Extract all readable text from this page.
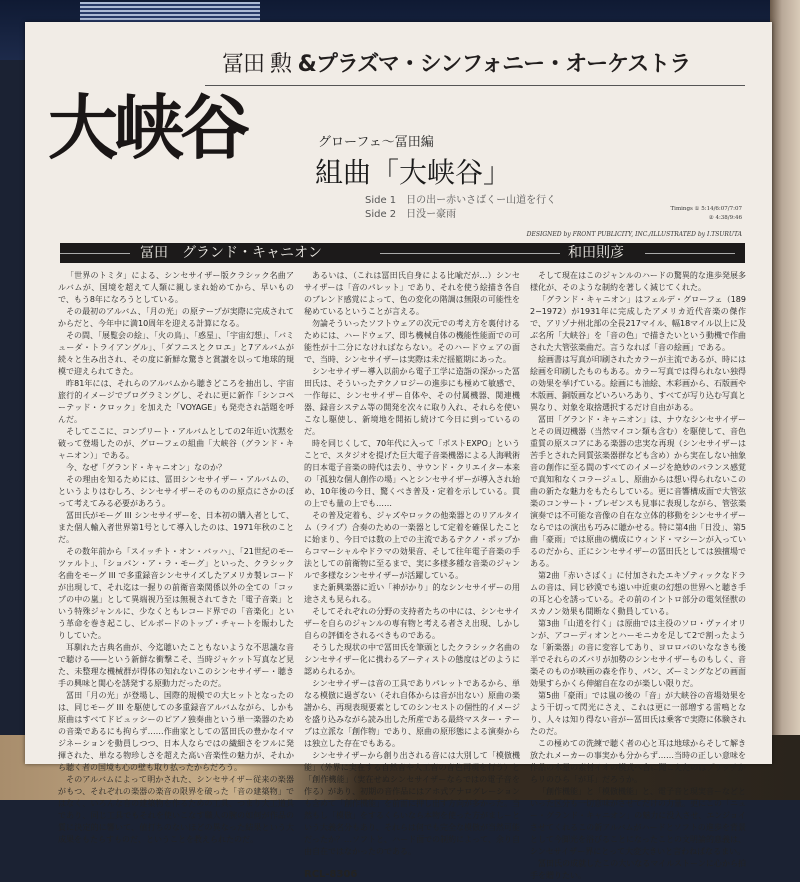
大峡谷
冨田 勲 &プラズマ・シンフォニー・オーケストラ
グローフェ〜冨田編
組曲「大峡谷」
Side 1　日の出ー赤いさばくー山道を行く
Side 2　日没ー豪雨	Timings ① 5:14/6:07/7:07
② 4:38/9:46
DESIGNED by FRONT PUBLICITY, INC./ILLUSTRATED by I.TSURUTA
冨田　グランド・キャニオン	和田則彦

「世界のトミタ」による、シンセサイザー版クラシック名曲アルバムが、国境を超えて人類に親しまれ始めてから、早いもので、もう8年になろうとしている。

その最初のアルバム、「月の光」の原テープが実際に完成されてからだと、今年中に満10周年を迎える計算になる。

その間、「展覧会の絵」、「火の鳥」、「惑星」、「宇宙幻想」、「バミューダ・トライアングル」、「ダフニスとクロエ」と7アルバムが続々と生み出され、その度に新鮮な驚きと賞讃を以って地球的規模で迎えられてきた。

昨81年には、それらのアルバムから聴きどころを抽出し、宇宙旅行的イメージでプログラミングし、それに更に新作「シンコペーテッド・クロック」を加えた「VOYAGE」も発売され話題を呼んだ。

そしてここに、コンプリート・アルバムとしての2年近い沈黙を破って登場したのが、グローフェの組曲「大峡谷（グランド・キャニオン）」である。

今、なぜ「グランド・キャニオン」なのか？

その理由を知るためには、冨田シンセサイザー・アルバムの、というよりはむしろ、シンセサイザーそのものの原点にさかのぼって考えてみる必要があろう。

冨田氏がモーグ III シンセサイザーを、日本初の購入者として、また個人輸入者世界第1号として導入したのは、1971年秋のことだ。

その数年前から「スイッチト・オン・バッハ」、「21世紀のモーツァルト」、「ショパン・ア・ラ・モーグ」といった、クラシック名曲をモーグ III で多重録音シンセサイズしたアメリカ製レコードが出現して、それ迄は一握りの前衛音楽関係以外の全ての「コップの中の嵐」として異端視乃至は無視されてきた「電子音楽」という特殊ジャンルに、少なくともレコード界での「音楽化」という革命を巻き起こし、ビルボードのトップ・チャートを賑わしたりしていた。

耳馴れた古典名曲が、今迄聴いたこともないような不思議な音で聴ける――という新鮮な衝撃こそ、当時ジャケット写真など見た、未整理な機械群が得体の知れないこのシンセサイザー・聴き手の興味と関心を誘発する原動力だったのだ。

冨田「月の光」が登場し、国際的規模での大ヒットとなったのは、同じモーグ III を駆使しての多重録音アルバムながら、しかも原曲はすべてドビュッシーのピアノ独奏曲という単一楽器のための音楽であるにも拘らず……作曲家としての冨田氏の豊かなイマジネーションを動員しつつ、日本人ならではの繊細さをフルに発揮された、単なる物珍しさを超えた高い音楽性の魅力が、それから聴く者の国境も心の壁も取り払ったからだろう。

そのアルバムによって明かされた、シンセサイザー従来の楽器がもつ、それぞれの楽器の楽音の限界を破った「音の建築物」ではなく、いろんな音の建築物を作るための工具、つまり大工道具であり、同じ工具でもそれを使いこなす職人の腕の如何が作品の質に決定的に響いて、値打ちのないほどの異なった結果という大成果をもたらすものだ、ということを教えられたのだ。

あるいは、（これは冨田氏自身による比喩だが…）シンセサイザーは「音のパレット」であり、それを使う絵描き各自のブレンド感覚によって、色の変化の階調は無限の可能性を秘めているということが言える。

勿論そういったソフトウェアの次元での考え方を裏付けるためには、ハードウェア、即ち機械自体の機能性能面での可能性が十二分になければならない。そのハードウェアの面で、当時、シンセサイザーは実際は未だ揺籃期にあった。

シンセサイザー導入以前から電子工学に造詣の深かった冨田氏は、そういったテクノロジーの進歩にも極めて敏感で、一作毎に、シンセサイザー自体や、その付属機器、関連機器、録音システム等の開発を次々に取り入れ、それらを使いこなし駆使し、新境地を開拓し続けて今日に到っているのだ。

時を同じくして、70年代に入って「ポストEXPO」ということで、スタジオを提げた巨大電子音楽機器による人海戦術的日本電子音楽の時代は去り、サウンド・クリエイター本来の「孤独な個人創作の場」へとシンセサイザーが導入され始め、10年後の今日、驚くべき普及・定着を示している。貫の上でも量の上でも……

その普及定着も、ジャズやロックの他楽器とのリアルタイム（ライブ）合奏のための一楽器として定着を確保したことに始まり、今日では数の上での主流であるテクノ・ポップからコマーシャルやドラマの効果音、そして往年電子音楽の手法としての前衛物に至るまで、実に多様多種な音楽のジャンルで多様なシンセサイザーが活躍している。

また新興楽器に近い「神がかり」的なシンセサイザーの用途さえも見られる。

そしてそれぞれの分野の支持者たちの中には、シンセサイザーを自らのジャンルの専有物と考える者さえ出現、しかし自らの評価をされるべきものである。

そうした現状の中で冨田氏を筆頭としたクラシック名曲のシンセサイザー化に携わるアーティストの態度はどのように認められるか。

シンセサイザーは音の工具でありパレットであるから、単なる模倣に過ぎない（それ自体からは音が出ない）原曲の楽譜から、再現表現要素としてのシンセストの個性的イメージを盛り込みながら読み出した所産である最終マスター・テープは立派な「創作物」であり、原曲の原形態による演奏からは独立した存在でもある。

シンセサイザーから創り出される音には大別して「模倣機能」（外界に実在する自然音や人工音の音色再現を行う）と「創作機能」（実在せぬシンセサイザーならではの電子音を作る）があり、初期の音作品にはアホ式アナログレーションも含めて「創作機能」を前面に押し出す方向が多かった。当然もし「模倣」をするくらいなら本物を使った方がましーという大義名分もあり、それらは何でも完全な模倣が当然可能だったか？…ソフトと、ハード面での制約によって、余り自由自在ではなかったのである。

RCL-8306

そして現在はこのジャンルのハードの驚異的な進歩発展多様化が、そのような制約を著しく減じてくれた。

「グランド・キャニオン」はフェルデ・グローフェ（1892−1972）が1931年に完成したアメリカ近代音楽の傑作で、アリゾナ州北部の全長217マイル、幅18マイル以上に及ぶ名所「大峡谷」を「音の色」で描きたいという動機で作曲された大管弦楽曲だ。言うなれば「音の絵画」である。

絵画書は写真が印刷されたカラーが主流であるが、時には絵画を印刷したものもある。カラー写真では得られない独得の効果を挙げている。絵画にも油絵、木彩画から、石版画や木版画、銅版画などいろいろあり、すべてが写り込む写真と異なり、対象を取捨選択するだけ自由がある。

冨田「グランド・キャニオン」は、ナウなシンセサイザーとその周辺機器（当然マイコン類も含む）を駆使して、音色重質の原スコアにある楽器の忠実な再現（シンセサイザーは苦手とされた同質弦楽器群なども含め）から実在しない抽象音の創作に至る間のすべてのイメージを絶妙のバランス感覚で真知和なくコラージュし、原曲からは想い得られないこの曲の新たな魅力をもたらしている。更に音響構成面で大管弦楽のコンサート・プレゼンスも見事に表現しながら、管弦楽演奏では不可能な音像の自在な立体的移動をシンセサイザーならではの演出も巧みに聴かせる。特に第4曲「日没」、第5曲「豪雨」では原曲の構成にウィンド・マシーンが入っているのだから、正にシンセサイザーの冨田氏としては独擅場である。

第2曲「赤いさばく」に付加されたエキゾティックなドラムの音は、同じ砂漠でも遠い中近東の幻想の世界へと聴き手の耳と心を誘っている。その前のイントロ部分の電気怪獣のスカノン効果も間断なく動員している。

第3曲「山道を行く」は原曲では主役のソロ・ヴァイオリンが、アコーディオンとハーモニカを足して2で割ったような「新楽器」の音に変容してあり、ヨロロバのいななきも後半でそれらのズバリが加勢のシンセサイザーものもしく、音楽そのものが映画の森を作り、パン、ズーミングなどの画面効果すらかくら伸縮自在なのが楽しい限りだ。

第5曲「豪雨」では嵐の後の「音」が大峡谷の音場効果をよう干切って閃光にさえ、これは更に一部増する雷鳴となり、人々は知り得ない音がー冨田氏は乗客で実際に体験されたのだ。

この極めての洗練で聴く者の心と耳は地球からそして解き放たれメーカーの事実かも分からず……当時の正しい意味を作品の木星の素材イオの模式へ合に聞こえたのはプリッチからリのひら「が耳」だろうか。

「創作機能」と「模倣機能」と、電子音と現実音ーなどといった区分も一切意味がさせてだけの力量。更にこの「ニュー・グランド・キャニオン」の魅力に没入させ、エンジョイさせてくれるこの新アルバムがハードとソフトの進歩を背景として今脚光を浴びることになったことの文明論的意義は、シンセサイザー界にとって大変大きいと言わねばなるまい。

冨田氏の成就したこの大いなるマイルストーンに心から拍手を贈りたい。
